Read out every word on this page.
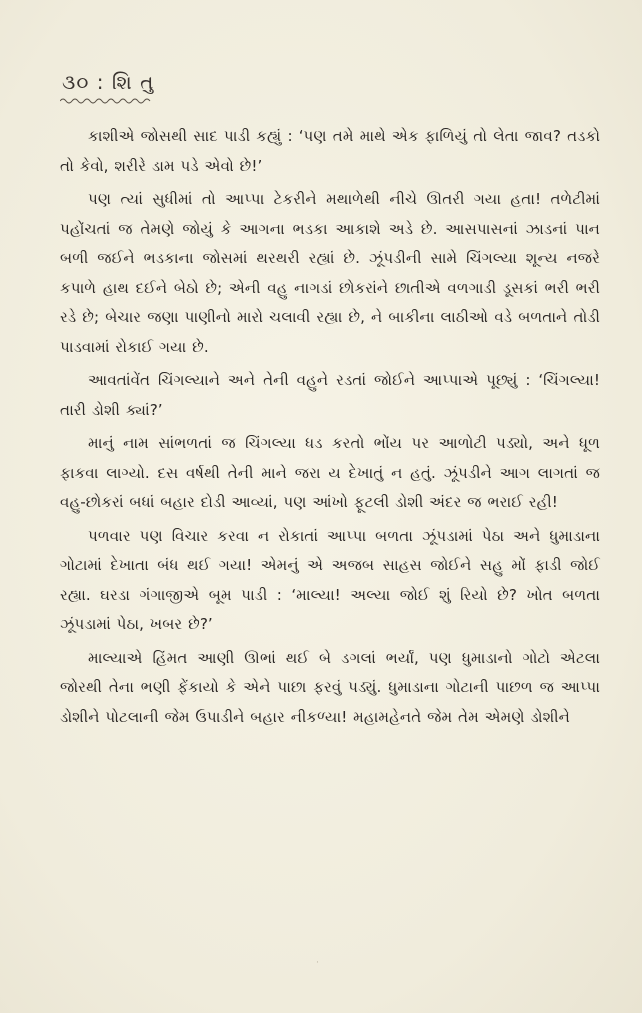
૩૦ : શિ તુ

કાશીએ જોસથી સાદ પાડી કહ્યું : ‘પણ તમે માથે એક ફાળિયું તો લેતા જાવ? તડકો તો કેવો, શરીરે ડામ પડે એવો છે!’

પણ ત્યાં સુધીમાં તો આપ્પા ટેકરીને મથાળેથી નીચે ઊતરી ગયા હતા! તળેટીમાં પહોંચતાં જ તેમણે જોયું કે આગના ભડકા આકાશે અડે છે. આસપાસનાં ઝાડનાં પાન બળી જઈને ભડકાના જોસમાં થરથરી રહ્યાં છે. ઝૂંપડીની સામે ચિંગલ્યા શૂન્ય નજરે કપાળે હાથ દઈને બેઠો છે; એની વહુ નાગડાં છોકરાંને છાતીએ વળગાડી ડૂસકાં ભરી ભરી રડે છે; બેચાર જણા પાણીનો મારો ચલાવી રહ્યા છે, ને બાકીના લાઠીઓ વડે બળતાને તોડી પાડવામાં રોકાઈ ગયા છે.

આવતાંવેંત ચિંગલ્યાને અને તેની વહુને રડતાં જોઈને આપ્પાએ પૂછ્યું : ‘ચિંગલ્યા! તારી ડોશી ક્યાં?’

માનું નામ સાંભળતાં જ ચિંગલ્યા ધડ કરતો ભોંય પર આળોટી પડ્યો, અને ધૂળ ફાકવા લાગ્યો. દસ વર્ષથી તેની માને જરા ય દેખાતું ન હતું. ઝૂંપડીને આગ લાગતાં જ વહુ-છોકરાં બધાં બહાર દોડી આવ્યાં, પણ આંખો ફૂટલી ડોશી અંદર જ ભરાઈ રહી!

પળવાર પણ વિચાર કરવા ન રોકાતાં આપ્પા બળતા ઝૂંપડામાં પેઠા અને ધુમાડાના ગોટામાં દેખાતા બંધ થઈ ગયા! એમનું એ અજબ સાહસ જોઈને સહુ મોં ફાડી જોઈ રહ્યા. ઘરડા ગંગાજીએ બૂમ પાડી : ‘માલ્યા! અલ્યા જોઈ શું રિયો છે? ખોત બળતા ઝૂંપડામાં પેઠા, ખબર છે?’

માલ્યાએ હિંમત આણી ઊભાં થઈ બે ડગલાં ભર્યાં, પણ ધુમાડાનો ગોટો એટલા જોરથી તેના ભણી ફેંકાયો કે એને પાછા ફરવું પડ્યું. ધુમાડાના ગોટાની પાછળ જ આપ્પા ડોશીને પોટલાની જેમ ઉપાડીને બહાર નીકળ્યા! મહામહેનતે જેમ તેમ એમણે ડોશીને

·
